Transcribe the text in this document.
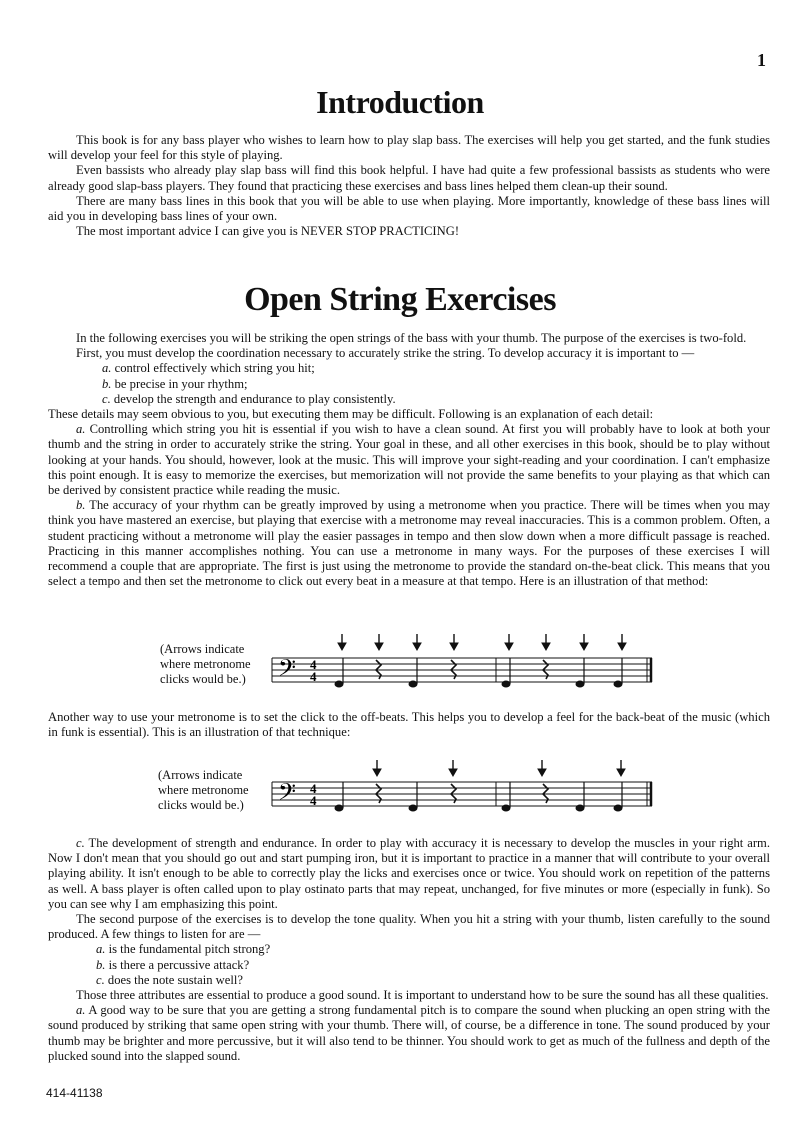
1
Introduction

This book is for any bass player who wishes to learn how to play slap bass. The exercises will help you get started, and the funk studies will develop your feel for this style of playing.

Even bassists who already play slap bass will find this book helpful. I have had quite a few professional bassists as students who were already good slap-bass players. They found that practicing these exercises and bass lines helped them clean-up their sound.

There are many bass lines in this book that you will be able to use when playing. More importantly, knowledge of these bass lines will aid you in developing bass lines of your own.

The most important advice I can give you is NEVER STOP PRACTICING!

Open String Exercises

In the following exercises you will be striking the open strings of the bass with your thumb. The purpose of the exercises is two-fold.

First, you must develop the coordination necessary to accurately strike the string. To develop accuracy it is important to —

a. control effectively which string you hit;

b. be precise in your rhythm;

c. develop the strength and endurance to play consistently.

These details may seem obvious to you, but executing them may be difficult. Following is an explanation of each detail:

a. Controlling which string you hit is essential if you wish to have a clean sound. At first you will probably have to look at both your thumb and the string in order to accurately strike the string. Your goal in these, and all other exercises in this book, should be to play without looking at your hands. You should, however, look at the music. This will improve your sight-reading and your coordination. I can't emphasize this point enough. It is easy to memorize the exercises, but memorization will not provide the same benefits to your playing as that which can be derived by consistent practice while reading the music.

b. The accuracy of your rhythm can be greatly improved by using a metronome when you practice. There will be times when you may think you have mastered an exercise, but playing that exercise with a metronome may reveal inaccuracies. This is a common problem. Often, a student practicing without a metronome will play the easier passages in tempo and then slow down when a more difficult passage is reached. Practicing in this manner accomplishes nothing. You can use a metronome in many ways. For the purposes of these exercises I will recommend a couple that are appropriate. The first is just using the metronome to provide the standard on-the-beat click. This means that you select a tempo and then set the metronome to click out every beat in a measure at that tempo. Here is an illustration of that method:

(Arrows indicate
where metronome
clicks would be.) 𝄢 4
4

Another way to use your metronome is to set the click to the off-beats. This helps you to develop a feel for the back-beat of the music (which in funk is essential). This is an illustration of that technique:

(Arrows indicate
where metronome
clicks would be.) 𝄢 4
4

c. The development of strength and endurance. In order to play with accuracy it is necessary to develop the muscles in your right arm. Now I don't mean that you should go out and start pumping iron, but it is important to practice in a manner that will contribute to your overall playing ability. It isn't enough to be able to correctly play the licks and exercises once or twice. You should work on repetition of the patterns as well. A bass player is often called upon to play ostinato parts that may repeat, unchanged, for five minutes or more (especially in funk). So you can see why I am emphasizing this point.

The second purpose of the exercises is to develop the tone quality. When you hit a string with your thumb, listen carefully to the sound produced. A few things to listen for are —

a. is the fundamental pitch strong?

b. is there a percussive attack?

c. does the note sustain well?

Those three attributes are essential to produce a good sound. It is important to understand how to be sure the sound has all these qualities.

a. A good way to be sure that you are getting a strong fundamental pitch is to compare the sound when plucking an open string with the sound produced by striking that same open string with your thumb. There will, of course, be a difference in tone. The sound produced by your thumb may be brighter and more percussive, but it will also tend to be thinner. You should work to get as much of the fullness and depth of the plucked sound into the slapped sound.

414-41138
